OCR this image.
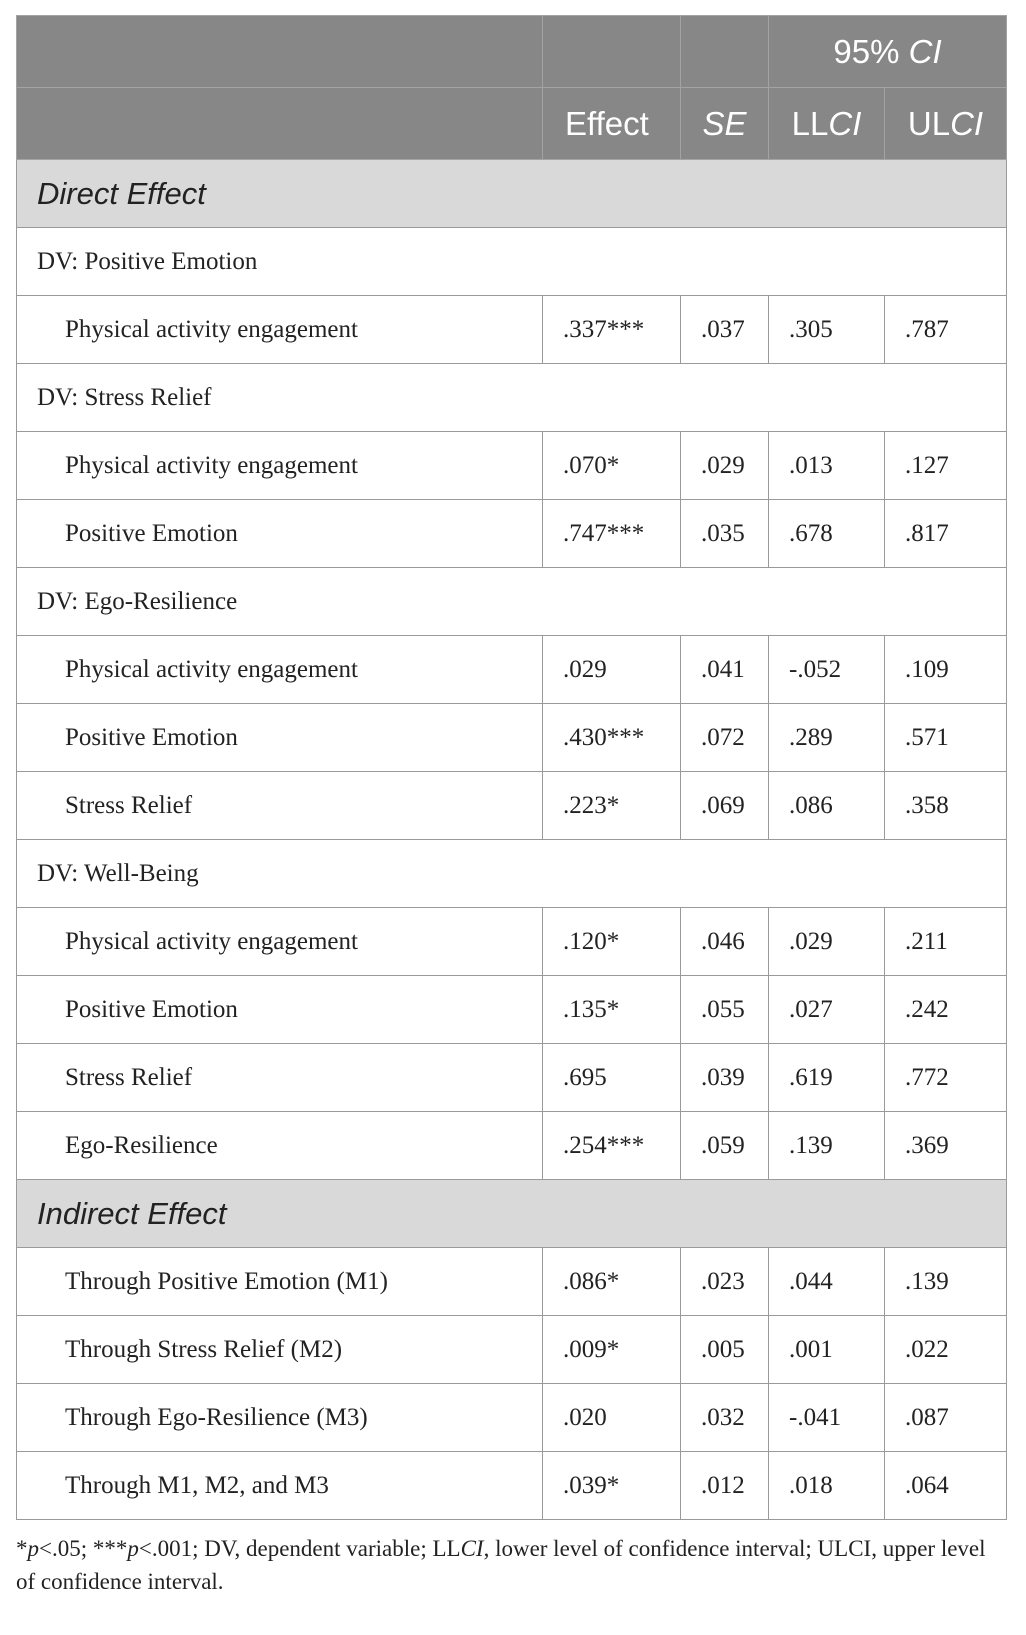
			95% CI	
	Effect	SE	LLCI	ULCI
Direct Effect				
DV: Positive Emotion				
Physical activity engagement	.337***	.037	.305	.787
DV: Stress Relief				
Physical activity engagement	.070*	.029	.013	.127
Positive Emotion	.747***	.035	.678	.817
DV: Ego-Resilience				
Physical activity engagement	.029	.041	-.052	.109
Positive Emotion	.430***	.072	.289	.571
Stress Relief	.223*	.069	.086	.358
DV: Well-Being				
Physical activity engagement	.120*	.046	.029	.211
Positive Emotion	.135*	.055	.027	.242
Stress Relief	.695	.039	.619	.772
Ego-Resilience	.254***	.059	.139	.369
Indirect Effect				
Through Positive Emotion (M1)	.086*	.023	.044	.139
Through Stress Relief (M2)	.009*	.005	.001	.022
Through Ego-Resilience (M3)	.020	.032	-.041	.087
Through M1, M2, and M3	.039*	.012	.018	.064
*p<.05; ***p<.001; DV, dependent variable; LLCI, lower level of confidence interval; ULCI, upper level of confidence interval.
